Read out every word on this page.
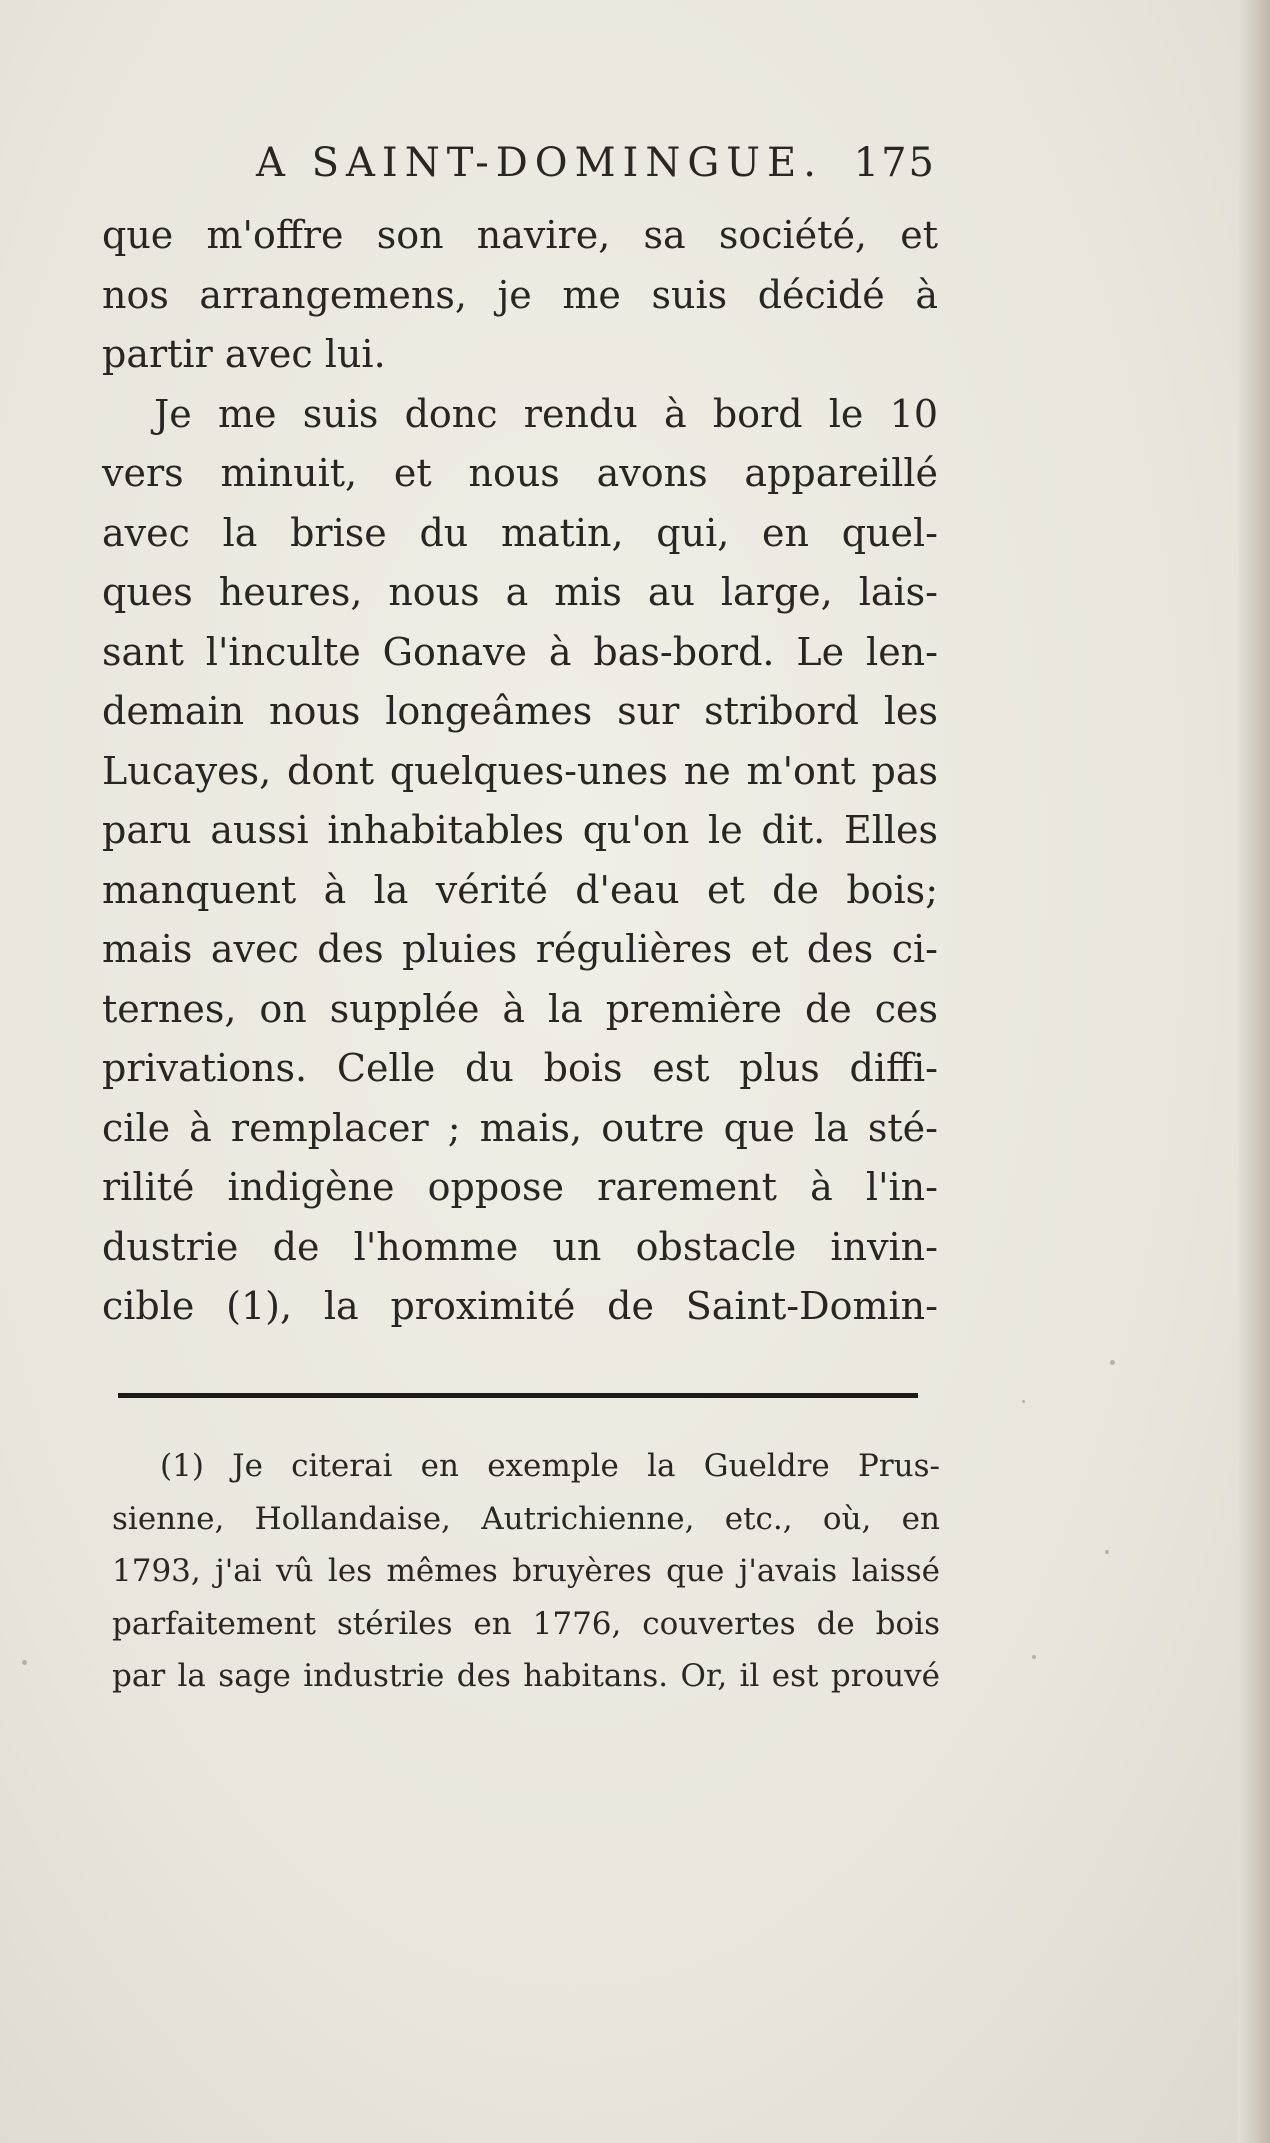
A SAINT-DOMINGUE. 175
que m'offre son navire, sa société, et
nos arrangemens, je me suis décidé à
partir avec lui.
Je me suis donc rendu à bord le 10
vers minuit, et nous avons appareillé
avec la brise du matin, qui, en quel-
ques heures, nous a mis au large, lais-
sant l'inculte Gonave à bas-bord. Le len-
demain nous longeâmes sur stribord les
Lucayes, dont quelques-unes ne m'ont pas
paru aussi inhabitables qu'on le dit. Elles
manquent à la vérité d'eau et de bois;
mais avec des pluies régulières et des ci-
ternes, on supplée à la première de ces
privations. Celle du bois est plus diffi-
cile à remplacer ; mais, outre que la sté-
rilité indigène oppose rarement à l'in-
dustrie de l'homme un obstacle invin-
cible (1), la proximité de Saint-Domin-
(1) Je citerai en exemple la Gueldre Prus-
sienne, Hollandaise, Autrichienne, etc., où, en
1793, j'ai vû les mêmes bruyères que j'avais laissé
parfaitement stériles en 1776, couvertes de bois
par la sage industrie des habitans. Or, il est prouvé
